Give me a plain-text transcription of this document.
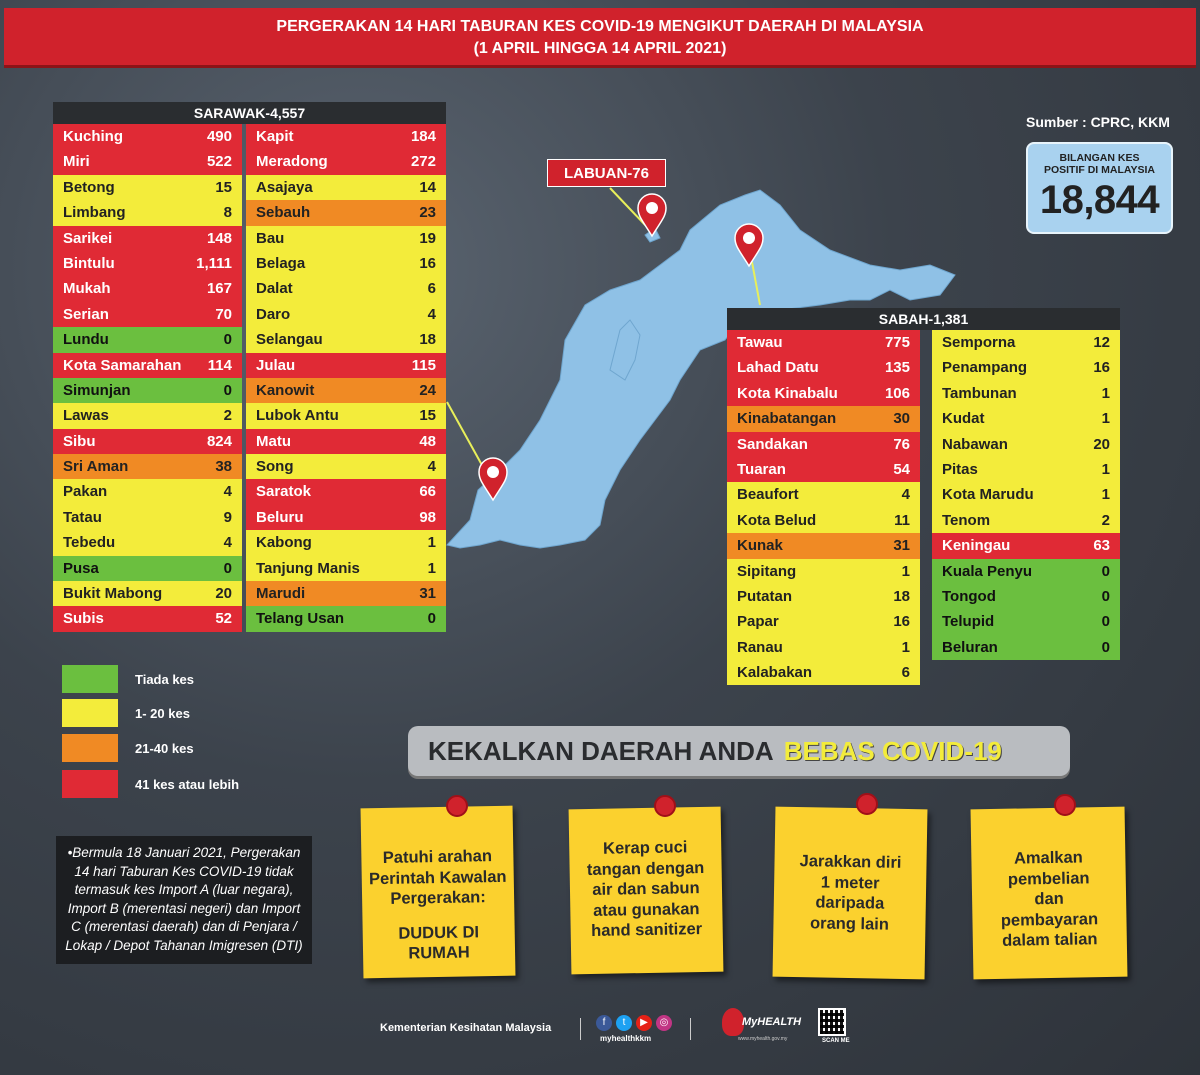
PERGERAKAN 14 HARI TABURAN KES COVID-19 MENGIKUT DAERAH DI MALAYSIA
(1 APRIL HINGGA 14 APRIL 2021)
LABUAN-76
Sumber : CPRC, KKM
BILANGAN KES
POSITIF DI MALAYSIA
18,844
SARAWAK-4,557
Kuching	490
Miri	522
Betong	15
Limbang	8
Sarikei	148
Bintulu	1,111
Mukah	167
Serian	70
Lundu	0
Kota Samarahan 114
Simunjan	0
Lawas	2
Sibu	824
Sri Aman	38
Pakan	4
Tatau	9
Tebedu	4
Pusa	0
Bukit Mabong	20
Subis	52
Kapit	184
Meradong	272
Asajaya	14
Sebauh	23
Bau	19
Belaga	16
Dalat	6
Daro	4
Selangau	18
Julau	115
Kanowit	24
Lubok Antu	15
Matu	48
Song	4
Saratok	66
Beluru	98
Kabong	1
Tanjung Manis	1
Marudi	31
Telang Usan	0
SABAH-1,381
Tawau	775
Lahad Datu	135
Kota Kinabalu	106
Kinabatangan	30
Sandakan	76
Tuaran	54
Beaufort	4
Kota Belud	11
Kunak	31
Sipitang	1
Putatan	18
Papar	16
Ranau	1
Kalabakan	6
Semporna	12
Penampang	16
Tambunan	1
Kudat	1
Nabawan	20
Pitas	1
Kota Marudu	1
Tenom	2
Keningau	63
Kuala Penyu	0
Tongod	0
Telupid	0
Beluran	0
Tiada kes
1- 20 kes
21-40 kes
41 kes atau lebih
•Bermula 18 Januari 2021, Pergerakan 14 hari Taburan Kes COVID-19 tidak termasuk kes Import A (luar negara), Import B (merentasi negeri) dan Import C (merentasi daerah) dan di Penjara / Lokap / Depot Tahanan Imigresen (DTI)
KEKALKAN DAERAH ANDA BEBAS COVID-19
Patuhi arahan Perintah Kawalan Pergerakan:
DUDUK DI RUMAH
Kerap cuci tangan dengan air dan sabun atau gunakan hand sanitizer
Jarakkan diri 1 meter daripada orang lain
Amalkan pembelian dan pembayaran dalam talian
Kementerian Kesihatan Malaysia	f	t	▶	◎
myhealthkkm
MyHEALTH
www.myhealth.gov.my	SCAN ME
